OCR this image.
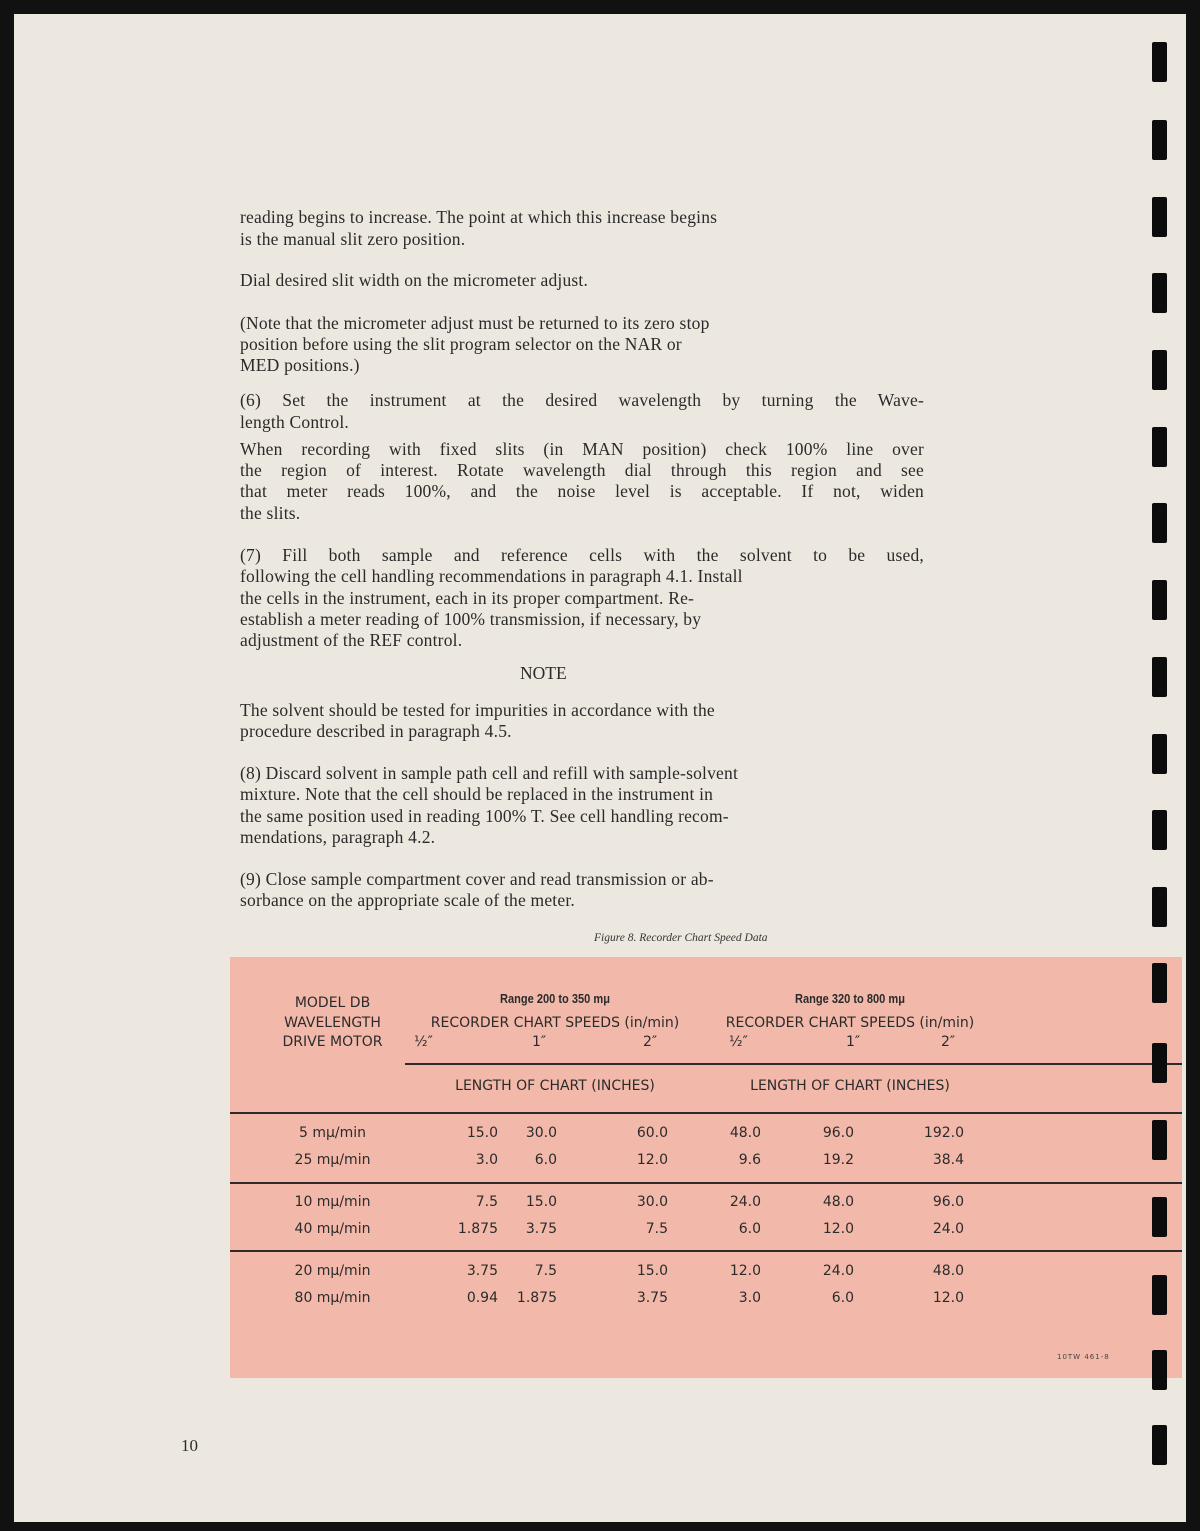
reading begins to increase. The point at which this increase begins
is the manual slit zero position.
Dial desired slit width on the micrometer adjust.
(Note that the micrometer adjust must be returned to its zero stop
position before using the slit program selector on the NAR or
MED positions.)
(6) Set the instrument at the desired wavelength by turning the Wave-
length Control.
When recording with fixed slits (in MAN position) check 100% line over
the region of interest. Rotate wavelength dial through this region and see
that meter reads 100%, and the noise level is acceptable. If not, widen
the slits.
(7) Fill both sample and reference cells with the solvent to be used,
following the cell handling recommendations in paragraph 4.1. Install
the cells in the instrument, each in its proper compartment. Re-
establish a meter reading of 100% transmission, if necessary, by
adjustment of the REF control.
The solvent should be tested for impurities in accordance with the
procedure described in paragraph 4.5.
(8) Discard solvent in sample path cell and refill with sample-solvent
mixture. Note that the cell should be replaced in the instrument in
the same position used in reading 100% T. See cell handling recom-
mendations, paragraph 4.2.
(9) Close sample compartment cover and read transmission or ab-
sorbance on the appropriate scale of the meter.
NOTE
Figure 8. Recorder Chart Speed Data
MODEL DB
WAVELENGTH
DRIVE MOTOR
Range 200 to 350 mμ	Range 320 to 800 mμ
RECORDER CHART SPEEDS (in/min)	RECORDER CHART SPEEDS (in/min)
½″	1″	2″	½″	1″	2″
LENGTH OF CHART (INCHES)	LENGTH OF CHART (INCHES)
5 mμ/min	15.0	30.0	60.0	48.0	96.0	192.0
25 mμ/min	3.0	6.0	12.0	9.6	19.2	38.4
10 mμ/min	7.5	15.0	30.0	24.0	48.0	96.0
40 mμ/min	1.875	3.75	7.5	6.0	12.0	24.0
20 mμ/min	3.75	7.5	15.0	12.0	24.0	48.0
80 mμ/min	0.94	1.875	3.75	3.0	6.0	12.0
10TW 461-8
10
